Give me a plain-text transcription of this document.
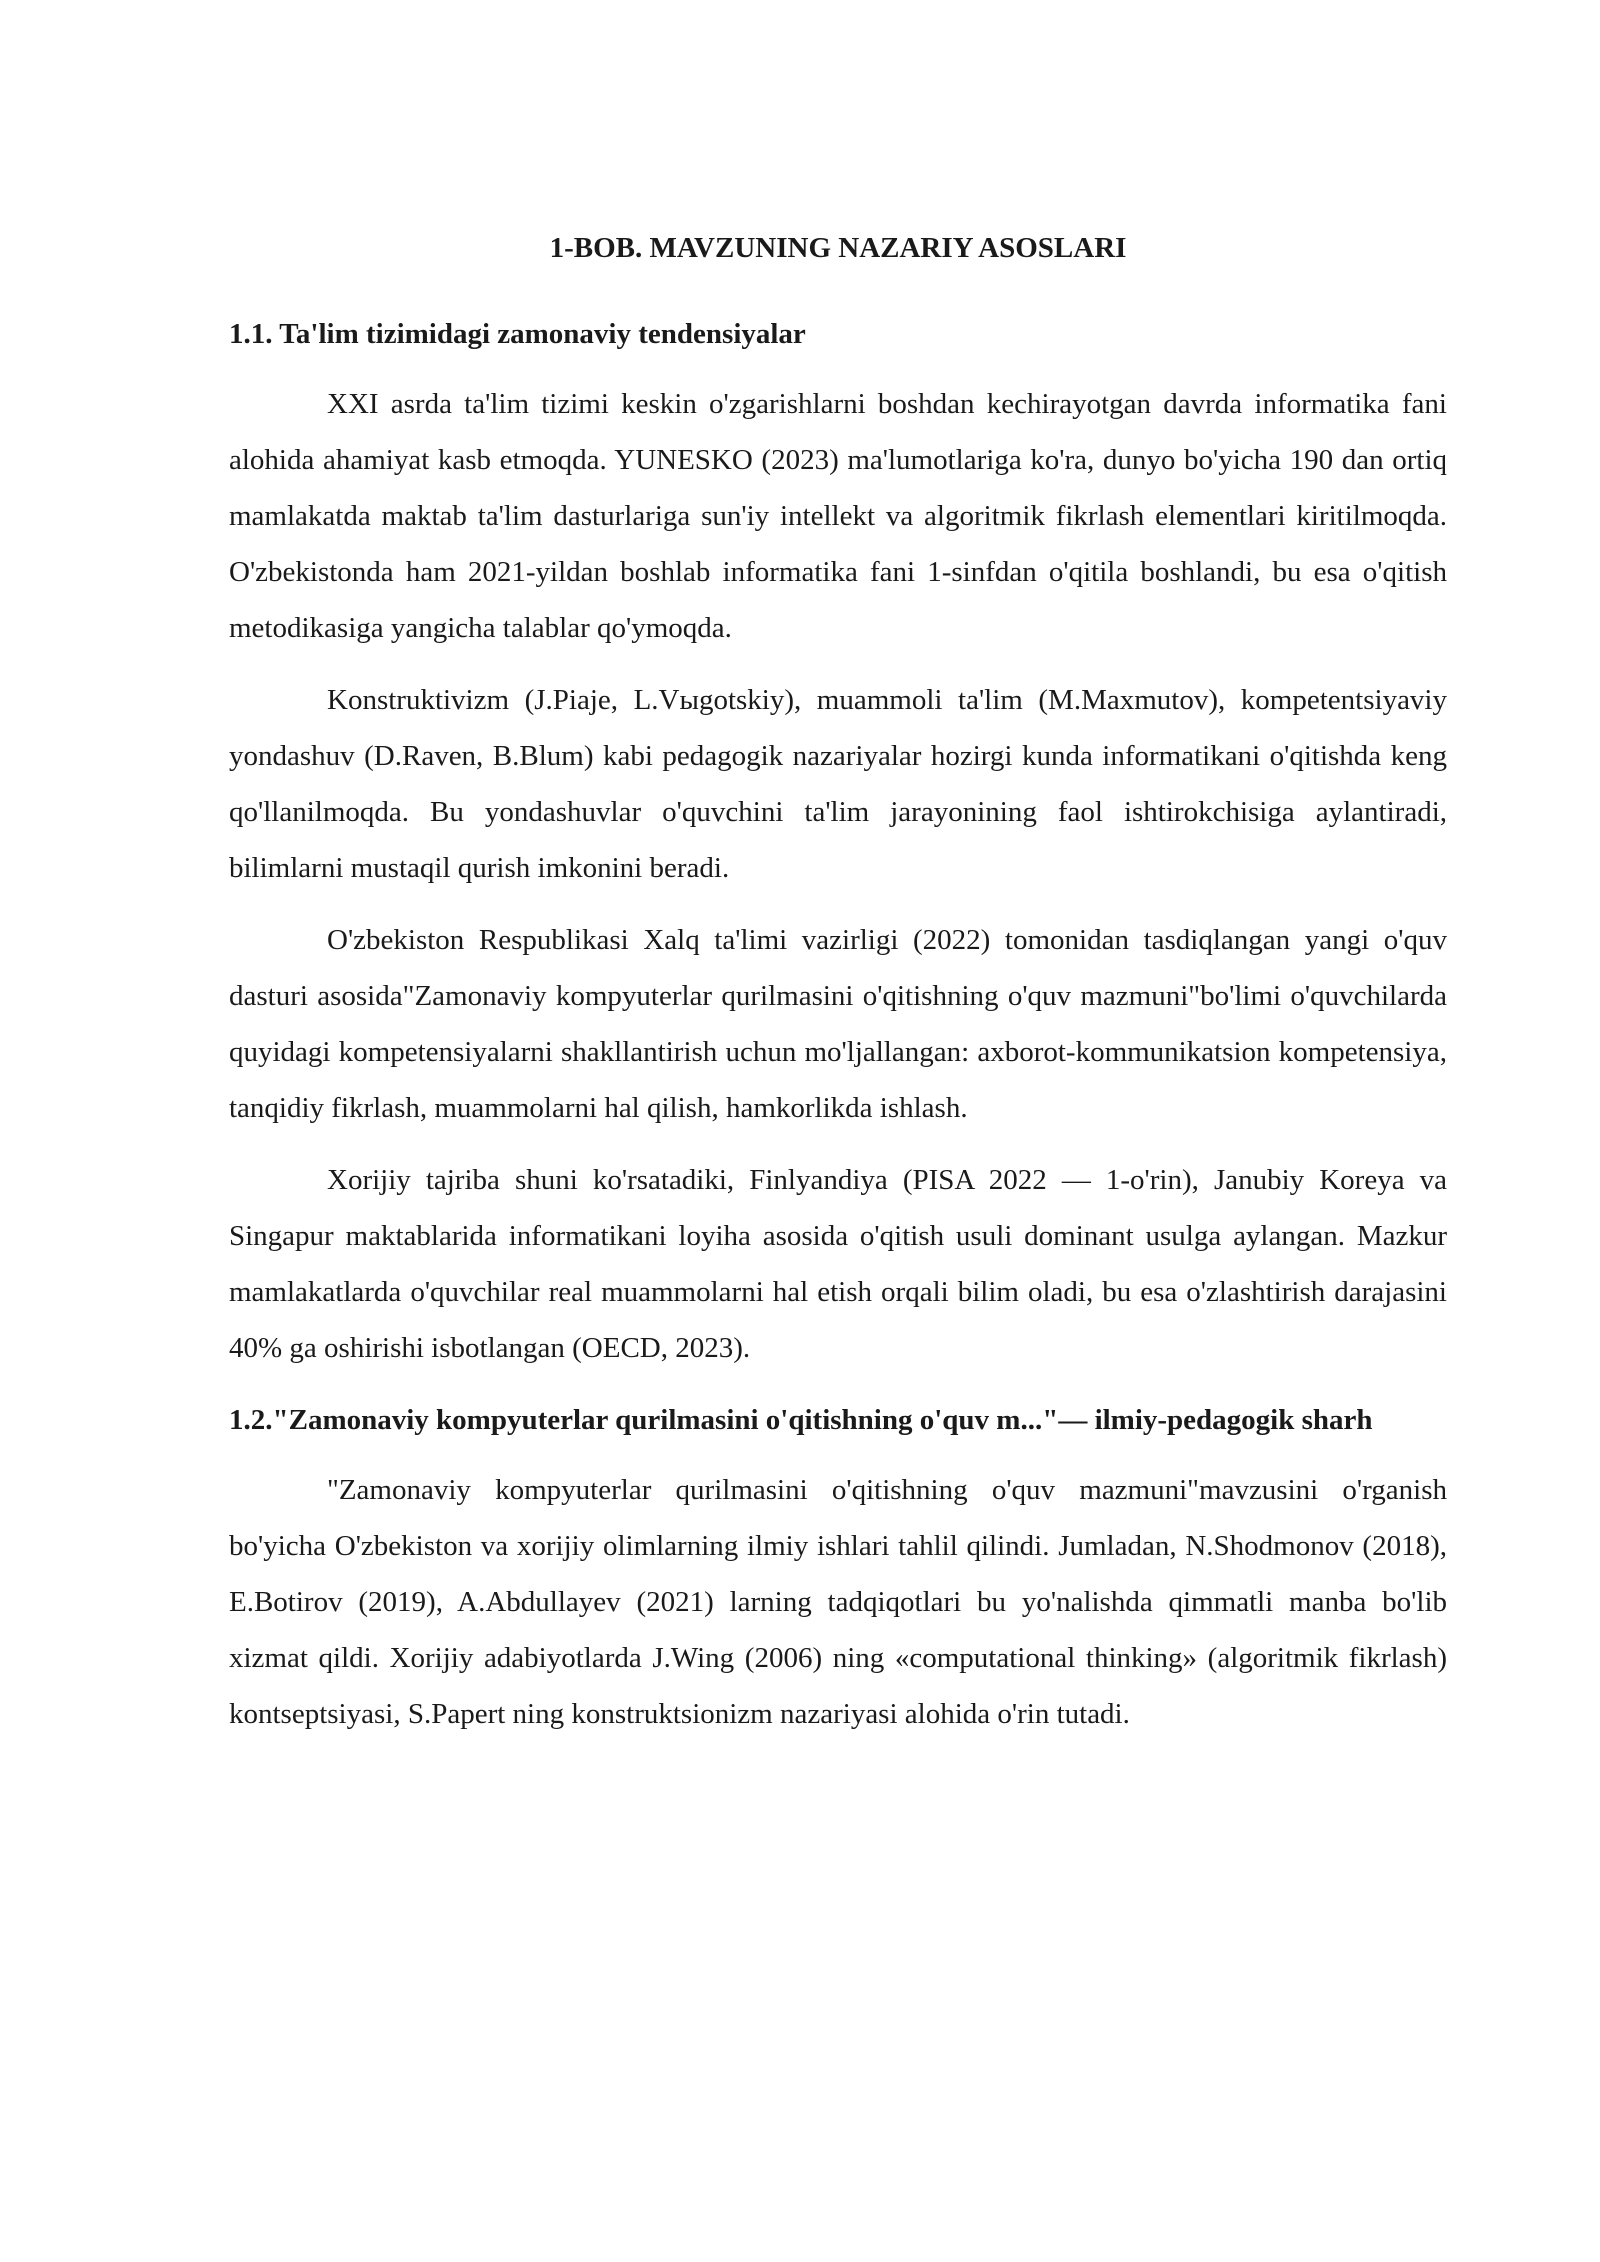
1-BOB. MAVZUNING NAZARIY ASOSLARI
1.1. Ta'lim tizimidagi zamonaviy tendensiyalar

XXI asrda ta'lim tizimi keskin o'zgarishlarni boshdan kechirayotgan davrda informatika fani alohida ahamiyat kasb etmoqda. YUNESKO (2023) ma'lumotlariga ko'ra, dunyo bo'yicha 190 dan ortiq mamlakatda maktab ta'lim dasturlariga sun'iy intellekt va algoritmik fikrlash elementlari kiritilmoqda. O'zbekistonda ham 2021-yildan boshlab informatika fani 1-sinfdan o'qitila boshlandi, bu esa o'qitish metodikasiga yangicha talablar qo'ymoqda.

Konstruktivizm (J.Piaje, L.Vыgotskiy), muammoli ta'lim (M.Maxmutov), kompetentsiyaviy yondashuv (D.Raven, B.Blum) kabi pedagogik nazariyalar hozirgi kunda informatikani o'qitishda keng qo'llanilmoqda. Bu yondashuvlar o'quvchini ta'lim jarayonining faol ishtirokchisiga aylantiradi, bilimlarni mustaqil qurish imkonini beradi.

O'zbekiston Respublikasi Xalq ta'limi vazirligi (2022) tomonidan tasdiqlangan yangi o'quv dasturi asosida"Zamonaviy kompyuterlar qurilmasini o'qitishning o'quv mazmuni"bo'limi o'quvchilarda quyidagi kompetensiyalarni shakllantirish uchun mo'ljallangan: axborot-kommunikatsion kompetensiya, tanqidiy fikrlash, muammolarni hal qilish, hamkorlikda ishlash.

Xorijiy tajriba shuni ko'rsatadiki, Finlyandiya (PISA 2022 — 1-o'rin), Janubiy Koreya va Singapur maktablarida informatikani loyiha asosida o'qitish usuli dominant usulga aylangan. Mazkur mamlakatlarda o'quvchilar real muammolarni hal etish orqali bilim oladi, bu esa o'zlashtirish darajasini 40% ga oshirishi isbotlangan (OECD, 2023).

1.2."Zamonaviy kompyuterlar qurilmasini o'qitishning o'quv m..."— ilmiy-pedagogik sharh

"Zamonaviy kompyuterlar qurilmasini o'qitishning o'quv mazmuni"mavzusini o'rganish bo'yicha O'zbekiston va xorijiy olimlarning ilmiy ishlari tahlil qilindi. Jumladan, N.Shodmonov (2018), E.Botirov (2019), A.Abdullayev (2021) larning tadqiqotlari bu yo'nalishda qimmatli manba bo'lib xizmat qildi. Xorijiy adabiyotlarda J.Wing (2006) ning «computational thinking» (algoritmik fikrlash) kontseptsiyasi, S.Papert ning konstruktsionizm nazariyasi alohida o'rin tutadi.
